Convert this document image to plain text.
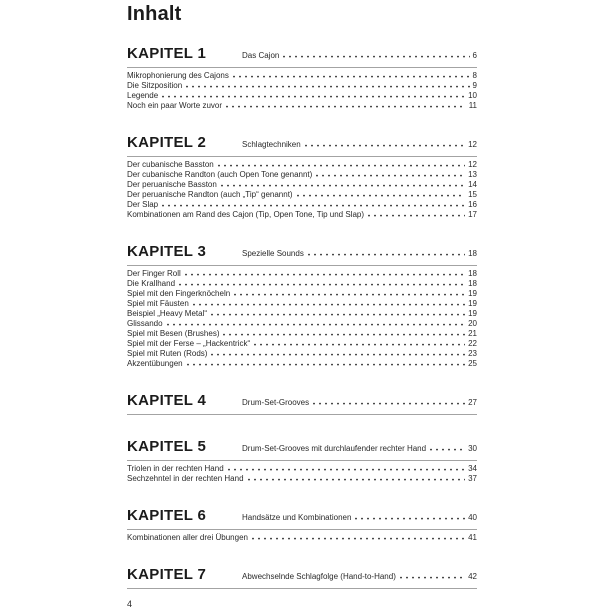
Inhalt
KAPITEL 1	Das Cajon	6
Mikrophonierung des Cajons	8
Die Sitzposition	9
Legende	10
Noch ein paar Worte zuvor	11
KAPITEL 2	Schlagtechniken	12
Der cubanische Basston	12
Der cubanische Randton (auch Open Tone genannt)	13
Der peruanische Basston	14
Der peruanische Randton (auch „Tip“ genannt)	15
Der Slap	16
Kombinationen am Rand des Cajon (Tip, Open Tone, Tip und Slap)	17
KAPITEL 3	Spezielle Sounds	18
Der Finger Roll	18
Die Krallhand	18
Spiel mit den Fingerknöcheln	19
Spiel mit Fäusten	19
Beispiel „Heavy Metal“	19
Glissando	20
Spiel mit Besen (Brushes)	21
Spiel mit der Ferse – „Hackentrick“	22
Spiel mit Ruten (Rods)	23
Akzentübungen	25
KAPITEL 4	Drum-Set-Grooves	27
KAPITEL 5	Drum-Set-Grooves mit durchlaufender rechter Hand	30
Triolen in der rechten Hand	34
Sechzehntel in der rechten Hand	37
KAPITEL 6	Handsätze und Kombinationen	40
Kombinationen aller drei Übungen	41
KAPITEL 7	Abwechselnde Schlagfolge (Hand-to-Hand)	42
4
